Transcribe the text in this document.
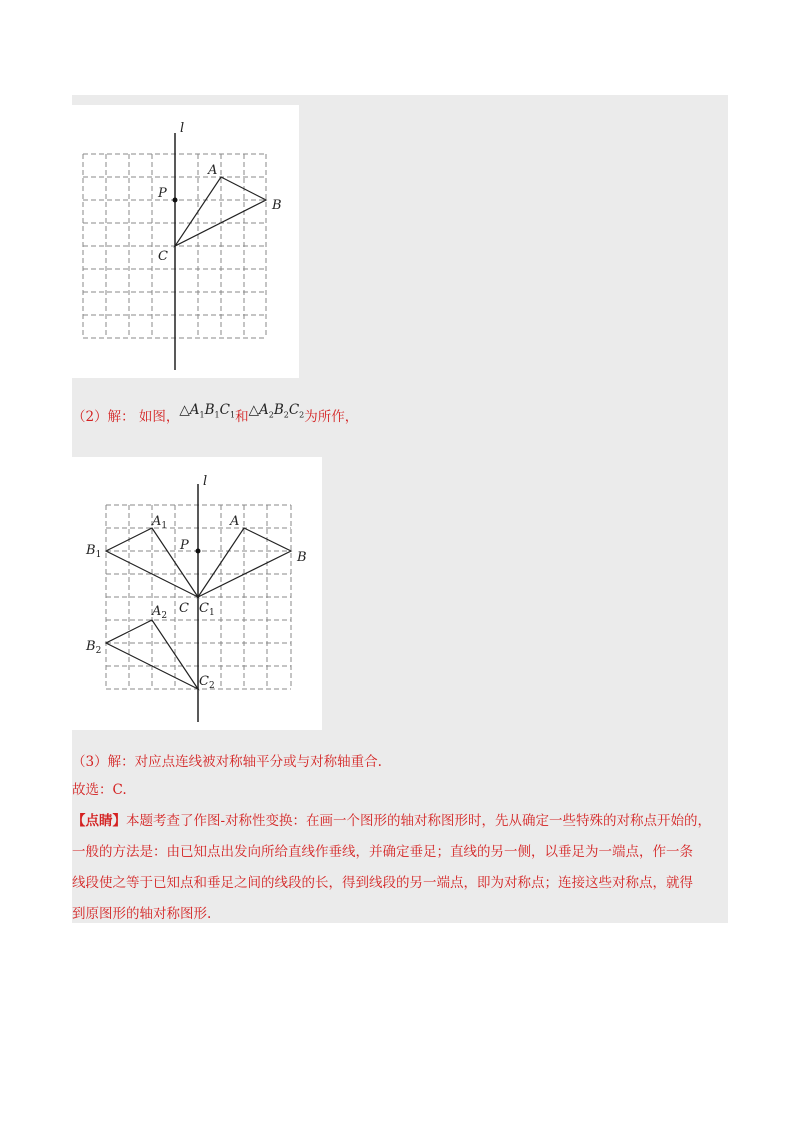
l
A
B
C
P
（2）解： 如图，$\triangle A_1B_1C_1$和$\triangle A_2B_2C_2$为所作，
l
A
B
C
P
$A_1$
$B_1$
$C_1$
$A_2$
$B_2$
$C_2$
（3）解：对应点连线被对称轴平分或与对称轴重合.
故选：C.
【点睛】本题考查了作图-对称性变换：在画一个图形的轴对称图形时，先从确定一些特殊的对称点开始的，
一般的方法是：由已知点出发向所给直线作垂线，并确定垂足；直线的另一侧，以垂足为一端点，作一条
线段使之等于已知点和垂足之间的线段的长，得到线段的另一端点，即为对称点；连接这些对称点，就得
到原图形的轴对称图形.
